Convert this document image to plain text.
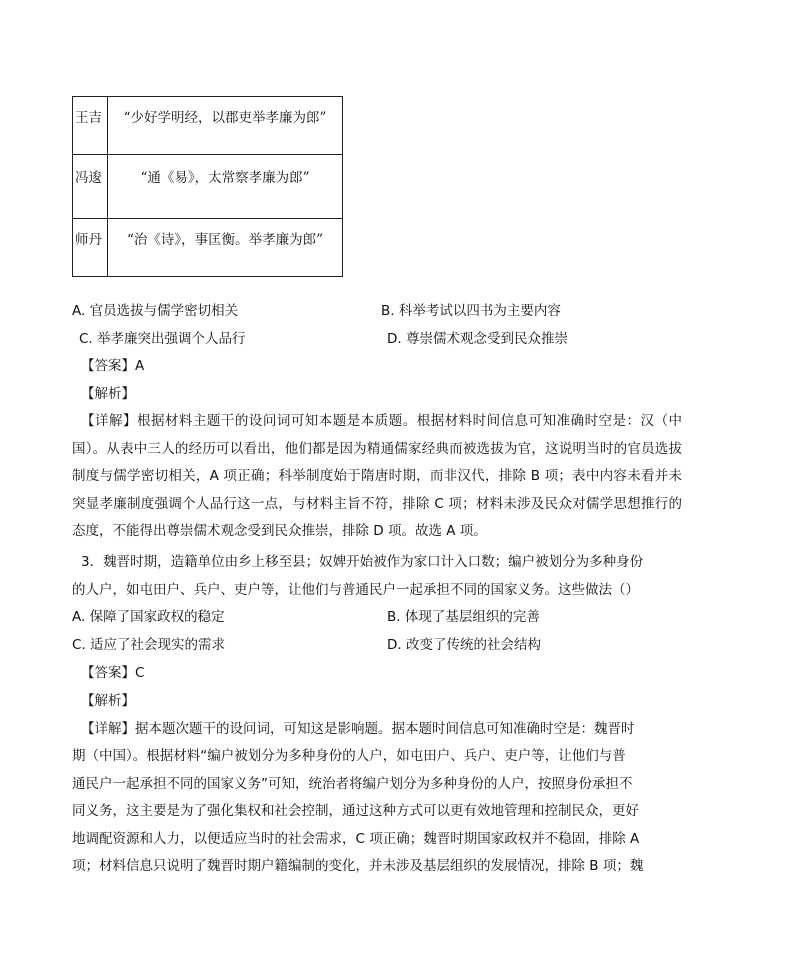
王吉	“少好学明经，以郡吏举孝廉为郎”
冯逡	“通《易》，太常察孝廉为郎”
师丹	“治《诗》，事匡衡。举孝廉为郎”
A. 官员选拔与儒学密切相关	B. 科举考试以四书为主要内容
C. 举孝廉突出强调个人品行	D. 尊崇儒术观念受到民众推崇
【答案】A
【解析】
【详解】根据材料主题干的设问词可知本题是本质题。根据材料时间信息可知准确时空是：汉（中国）。从表中三人的经历可以看出，他们都是因为精通儒家经典而被选拔为官，这说明当时的官员选拔制度与儒学密切相关，A 项正确；科举制度始于隋唐时期，而非汉代，排除 B 项；表中内容未看并未突显孝廉制度强调个人品行这一点，与材料主旨不符，排除 C 项；材料未涉及民众对儒学思想推行的态度，不能得出尊崇儒术观念受到民众推崇，排除 D 项。故选 A 项。
3．魏晋时期，造籍单位由乡上移至县；奴婢开始被作为家口计入口数；编户被划分为多种身份
的人户，如屯田户、兵户、吏户等，让他们与普通民户一起承担不同的国家义务。这些做法（）
A. 保障了国家政权的稳定	B. 体现了基层组织的完善
C. 适应了社会现实的需求	D. 改变了传统的社会结构
【答案】C
【解析】
【详解】据本题次题干的设问词，可知这是影响题。据本题时间信息可知准确时空是：魏晋时
期（中国）。根据材料“编户被划分为多种身份的人户，如屯田户、兵户、吏户等，让他们与普
通民户一起承担不同的国家义务”可知，统治者将编户划分为多种身份的人户，按照身份承担不
同义务，这主要是为了强化集权和社会控制，通过这种方式可以更有效地管理和控制民众，更好
地调配资源和人力，以便适应当时的社会需求，C 项正确；魏晋时期国家政权并不稳固，排除 A
项；材料信息只说明了魏晋时期户籍编制的变化，并未涉及基层组织的发展情况，排除 B 项；魏
